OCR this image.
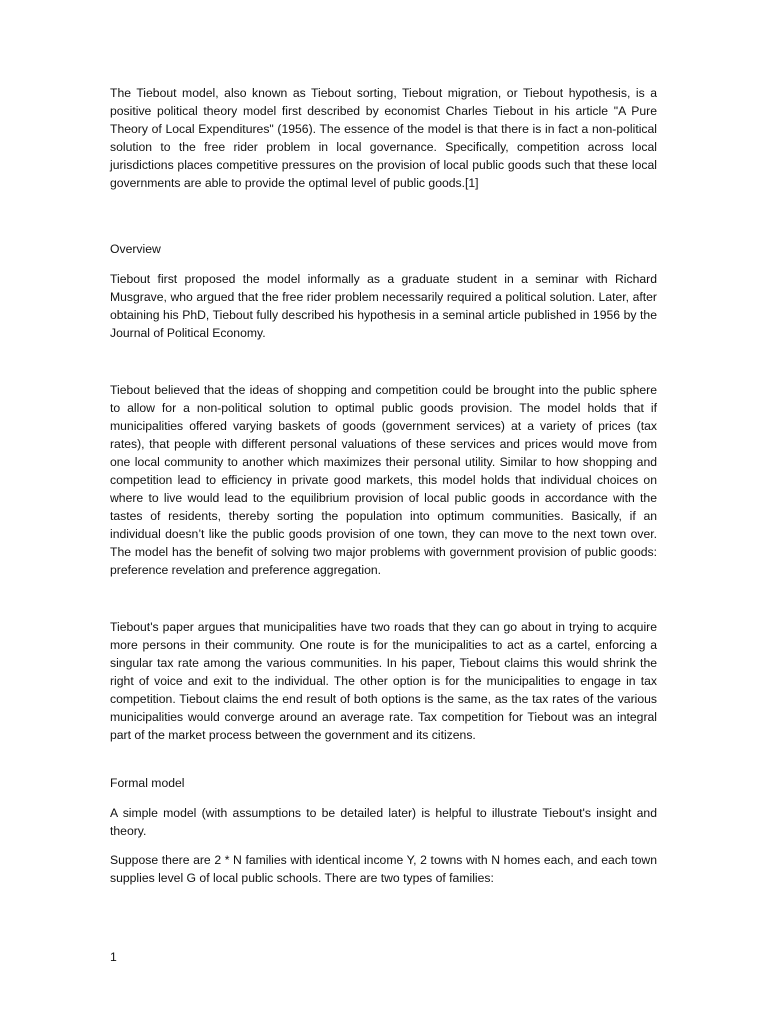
The Tiebout model, also known as Tiebout sorting, Tiebout migration, or Tiebout hypothesis, is a positive political theory model first described by economist Charles Tiebout in his article "A Pure Theory of Local Expenditures" (1956). The essence of the model is that there is in fact a non-political solution to the free rider problem in local governance. Specifically, competition across local jurisdictions places competitive pressures on the provision of local public goods such that these local governments are able to provide the optimal level of public goods.[1]

Overview

Tiebout first proposed the model informally as a graduate student in a seminar with Richard Musgrave, who argued that the free rider problem necessarily required a political solution. Later, after obtaining his PhD, Tiebout fully described his hypothesis in a seminal article published in 1956 by the Journal of Political Economy.

Tiebout believed that the ideas of shopping and competition could be brought into the public sphere to allow for a non-political solution to optimal public goods provision. The model holds that if municipalities offered varying baskets of goods (government services) at a variety of prices (tax rates), that people with different personal valuations of these services and prices would move from one local community to another which maximizes their personal utility. Similar to how shopping and competition lead to efficiency in private good markets, this model holds that individual choices on where to live would lead to the equilibrium provision of local public goods in accordance with the tastes of residents, thereby sorting the population into optimum communities. Basically, if an individual doesn’t like the public goods provision of one town, they can move to the next town over. The model has the benefit of solving two major problems with government provision of public goods: preference revelation and preference aggregation.

Tiebout's paper argues that municipalities have two roads that they can go about in trying to acquire more persons in their community. One route is for the municipalities to act as a cartel, enforcing a singular tax rate among the various communities. In his paper, Tiebout claims this would shrink the right of voice and exit to the individual. The other option is for the municipalities to engage in tax competition. Tiebout claims the end result of both options is the same, as the tax rates of the various municipalities would converge around an average rate. Tax competition for Tiebout was an integral part of the market process between the government and its citizens.

Formal model

A simple model (with assumptions to be detailed later) is helpful to illustrate Tiebout's insight and theory.

Suppose there are 2 * N families with identical income Y, 2 towns with N homes each, and each town supplies level G of local public schools. There are two types of families:

1
